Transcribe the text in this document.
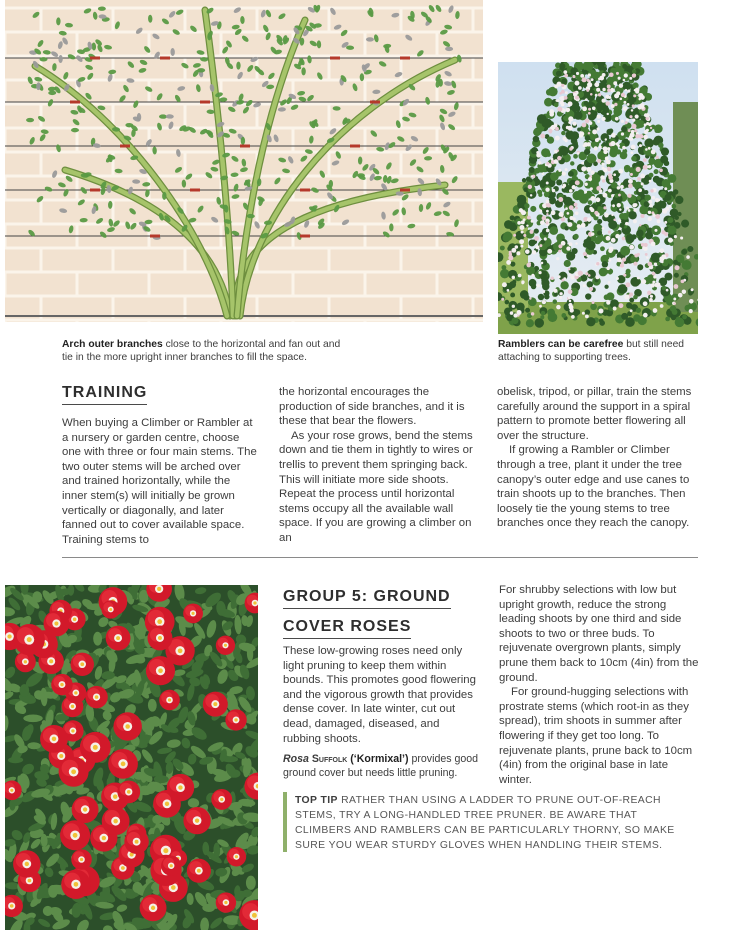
Arch outer branches close to the horizontal and fan out and tie in the more upright inner branches to fill the space.
Ramblers can be carefree but still need attaching to supporting trees.
TRAINING

When buying a Climber or Rambler at a nursery or garden centre, choose one with three or four main stems. The two outer stems will be arched over and trained horizontally, while the inner stem(s) will initially be grown vertically or diagonally, and later fanned out to cover available space. Training stems to

the horizontal encourages the production of side branches, and it is these that bear the flowers.

As your rose grows, bend the stems down and tie them in tightly to wires or trellis to prevent them springing back. This will initiate more side shoots. Repeat the process until horizontal stems occupy all the available wall space. If you are growing a climber on an

obelisk, tripod, or pillar, train the stems carefully around the support in a spiral pattern to promote better flowering all over the structure.

If growing a Rambler or Climber through a tree, plant it under the tree canopy’s outer edge and use canes to train shoots up to the branches. Then loosely tie the young stems to tree branches once they reach the canopy.

GROUP 5: GROUND
COVER ROSES

These low-growing roses need only light pruning to keep them within bounds. This promotes good flowering and the vigorous growth that provides dense cover. In late winter, cut out dead, damaged, diseased, and rubbing shoots.

Rosa Suffolk (‘Kormixal’) provides good ground cover but needs little pruning.

For shrubby selections with low but upright growth, reduce the strong leading shoots by one third and side shoots to two or three buds. To rejuvenate overgrown plants, simply prune them back to 10cm (4in) from the ground.

For ground-hugging selections with prostrate stems (which root-in as they spread), trim shoots in summer after flowering if they get too long. To rejuvenate plants, prune back to 10cm (4in) from the original base in late winter.

TOP TIP RATHER THAN USING A LADDER TO PRUNE OUT-OF-REACH STEMS, TRY A LONG-HANDLED TREE PRUNER. BE AWARE THAT CLIMBERS AND RAMBLERS CAN BE PARTICULARLY THORNY, SO MAKE SURE YOU WEAR STURDY GLOVES WHEN HANDLING THEIR STEMS.
